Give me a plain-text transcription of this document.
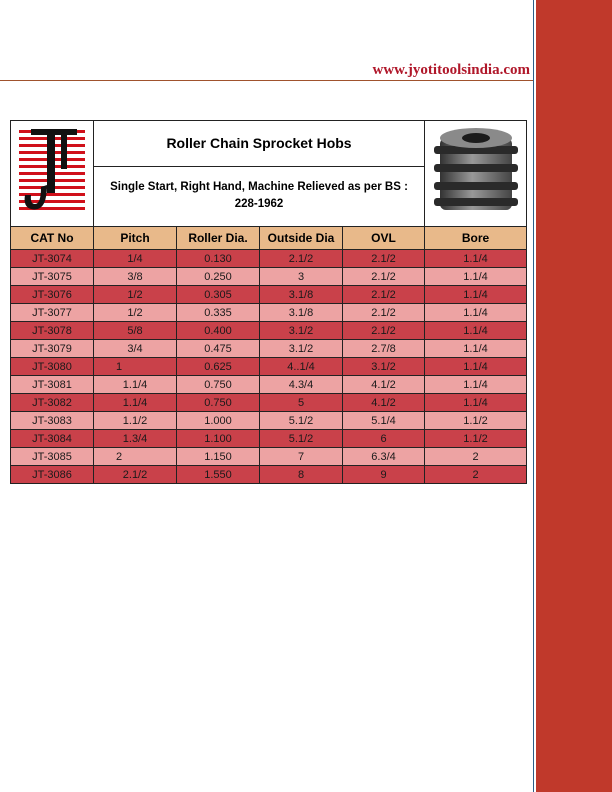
www.jyotitoolsindia.com
	Roller Chain Sprocket Hobs	
	Single Start, Right Hand, Machine Relieved as per BS : 228-1962				
CAT No	Pitch	Roller Dia.	Outside Dia	OVL	Bore
JT-3074	1/4	0.130	2.1/2	2.1/2	1.1/4
JT-3075	3/8	0.250	3	2.1/2	1.1/4
JT-3076	1/2	0.305	3.1/8	2.1/2	1.1/4
JT-3077	1/2	0.335	3.1/8	2.1/2	1.1/4
JT-3078	5/8	0.400	3.1/2	2.1/2	1.1/4
JT-3079	3/4	0.475	3.1/2	2.7/8	1.1/4
JT-3080	1	0.625	4..1/4	3.1/2	1.1/4
JT-3081	1.1/4	0.750	4.3/4	4.1/2	1.1/4
JT-3082	1.1/4	0.750	5	4.1/2	1.1/4
JT-3083	1.1/2	1.000	5.1/2	5.1/4	1.1/2
JT-3084	1.3/4	1.100	5.1/2	6	1.1/2
JT-3085	2	1.150	7	6.3/4	2
JT-3086	2.1/2	1.550	8	9	2
